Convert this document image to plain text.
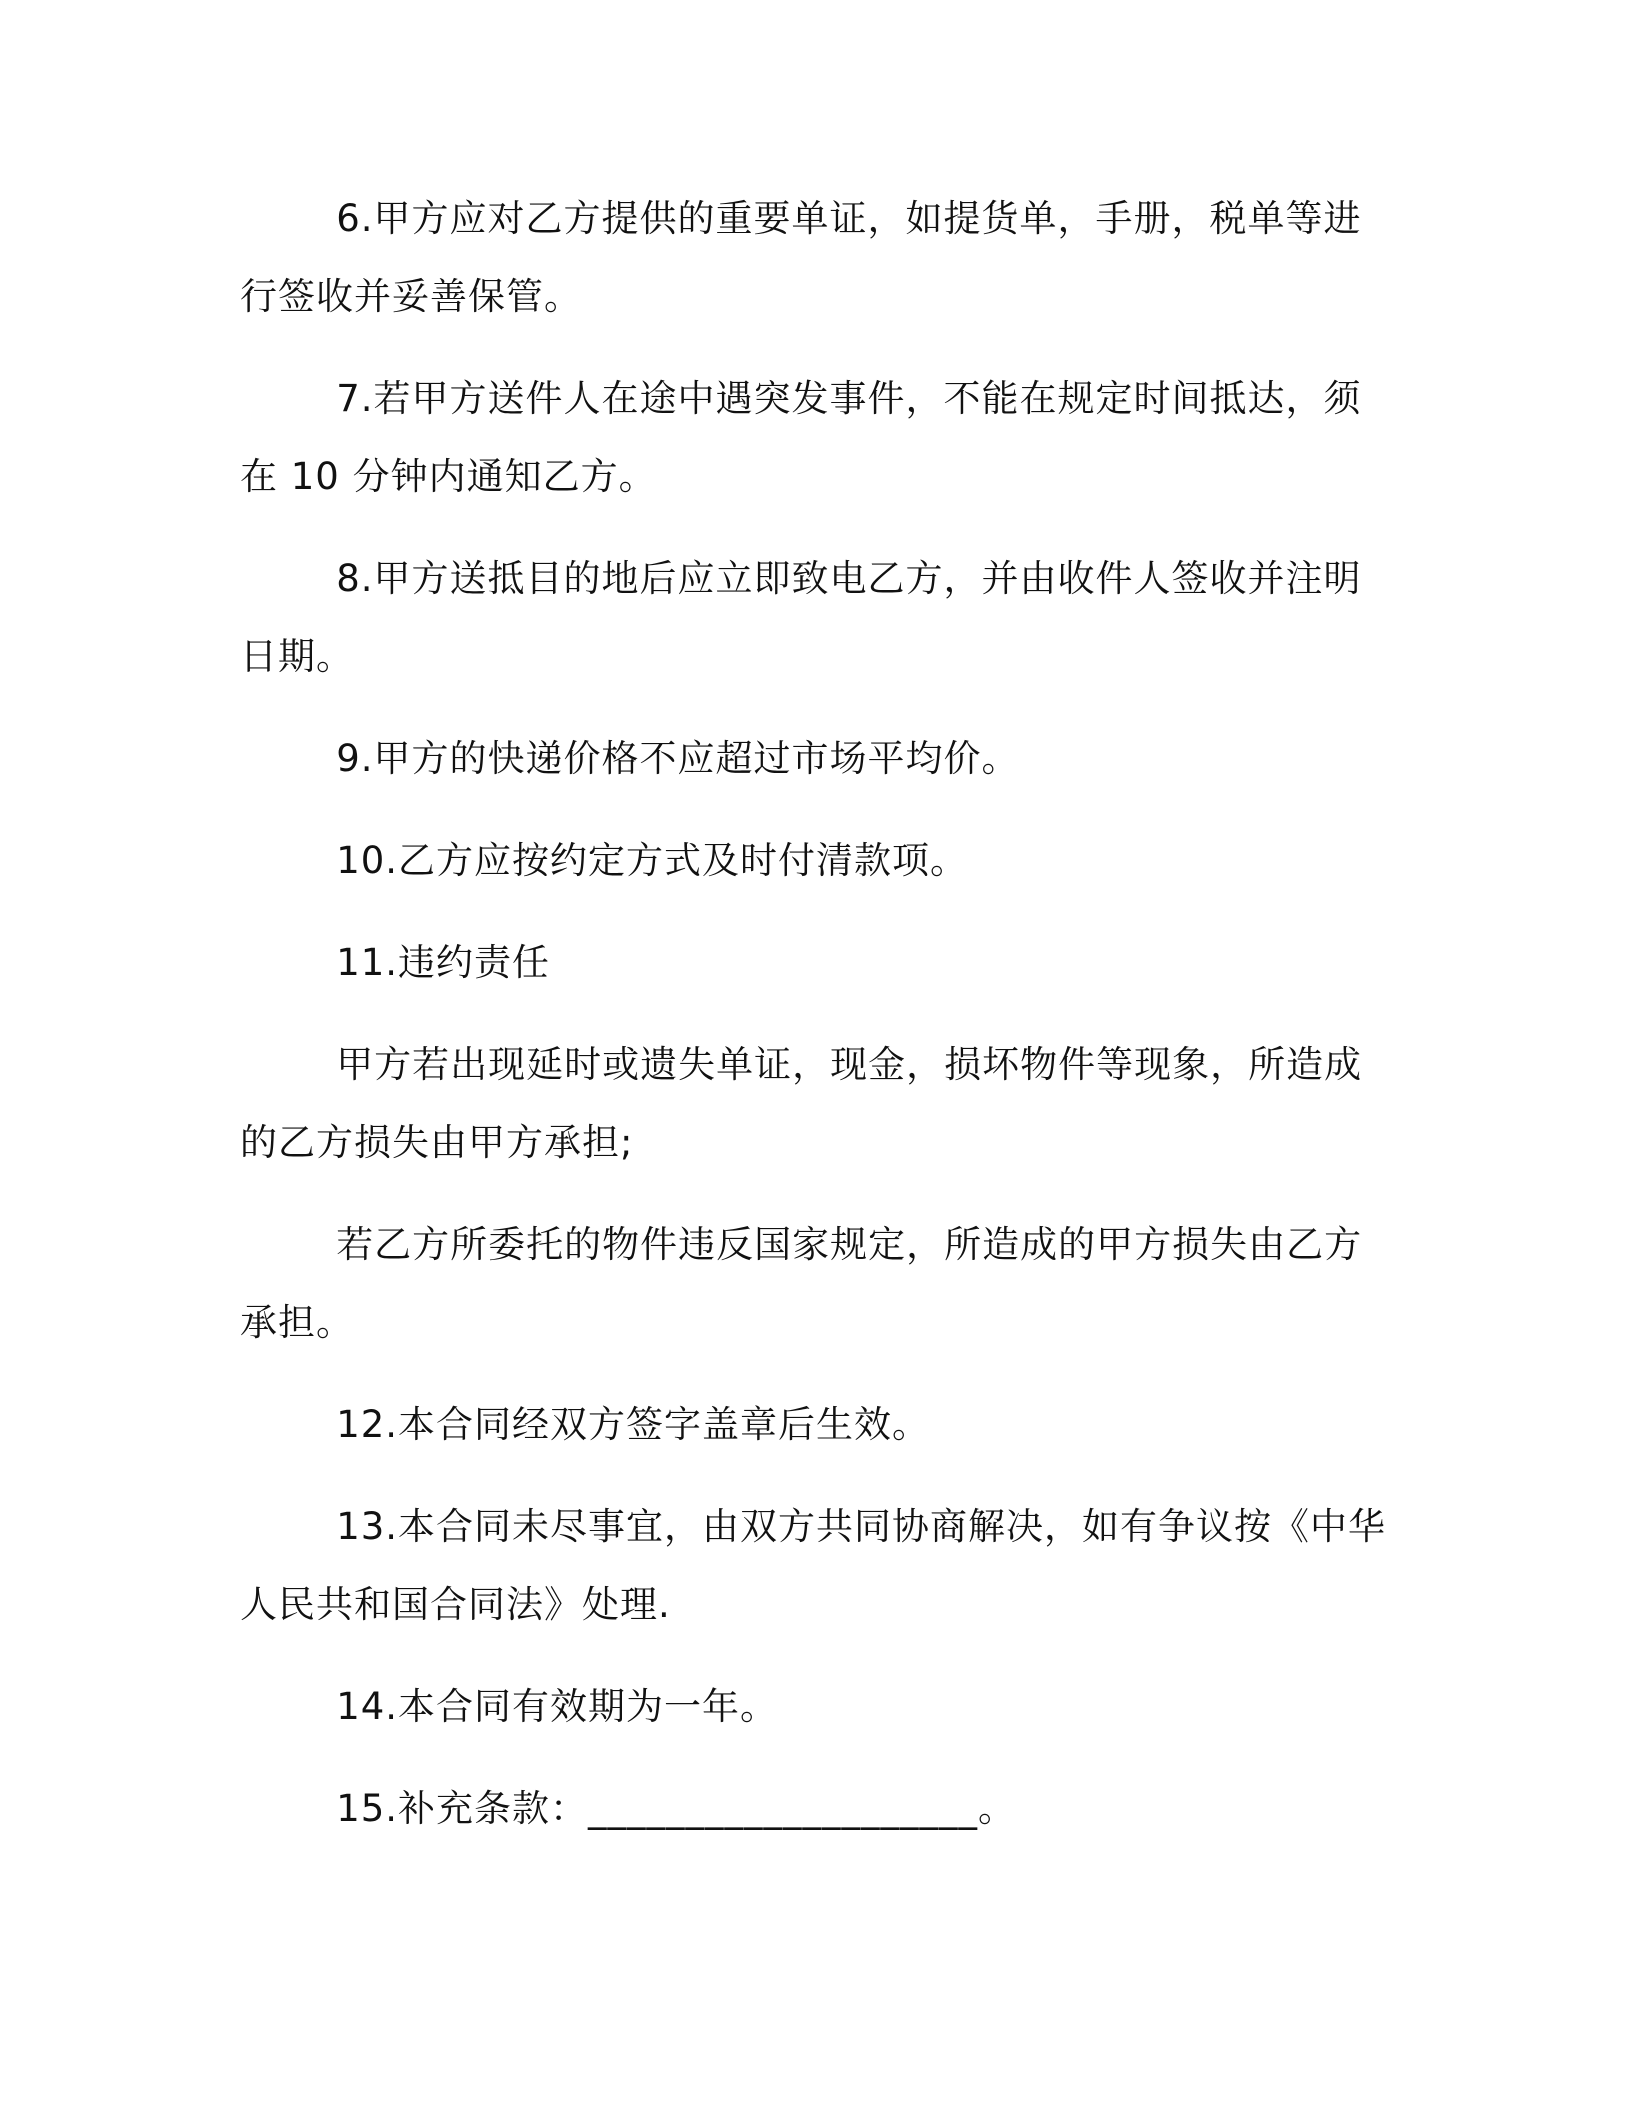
6.甲方应对乙方提供的重要单证，如提货单，手册，税单等进行签收并妥善保管。

7.若甲方送件人在途中遇突发事件，不能在规定时间抵达，须在 10 分钟内通知乙方。

8.甲方送抵目的地后应立即致电乙方，并由收件人签收并注明日期。

9.甲方的快递价格不应超过市场平均价。

10.乙方应按约定方式及时付清款项。

11.违约责任

甲方若出现延时或遗失单证，现金，损坏物件等现象，所造成的乙方损失由甲方承担;

若乙方所委托的物件违反国家规定，所造成的甲方损失由乙方承担。

12.本合同经双方签字盖章后生效。

13.本合同未尽事宜，由双方共同协商解决，如有争议按《中华人民共和国合同法》处理.

14.本合同有效期为一年。

15.补充条款：____________________。
